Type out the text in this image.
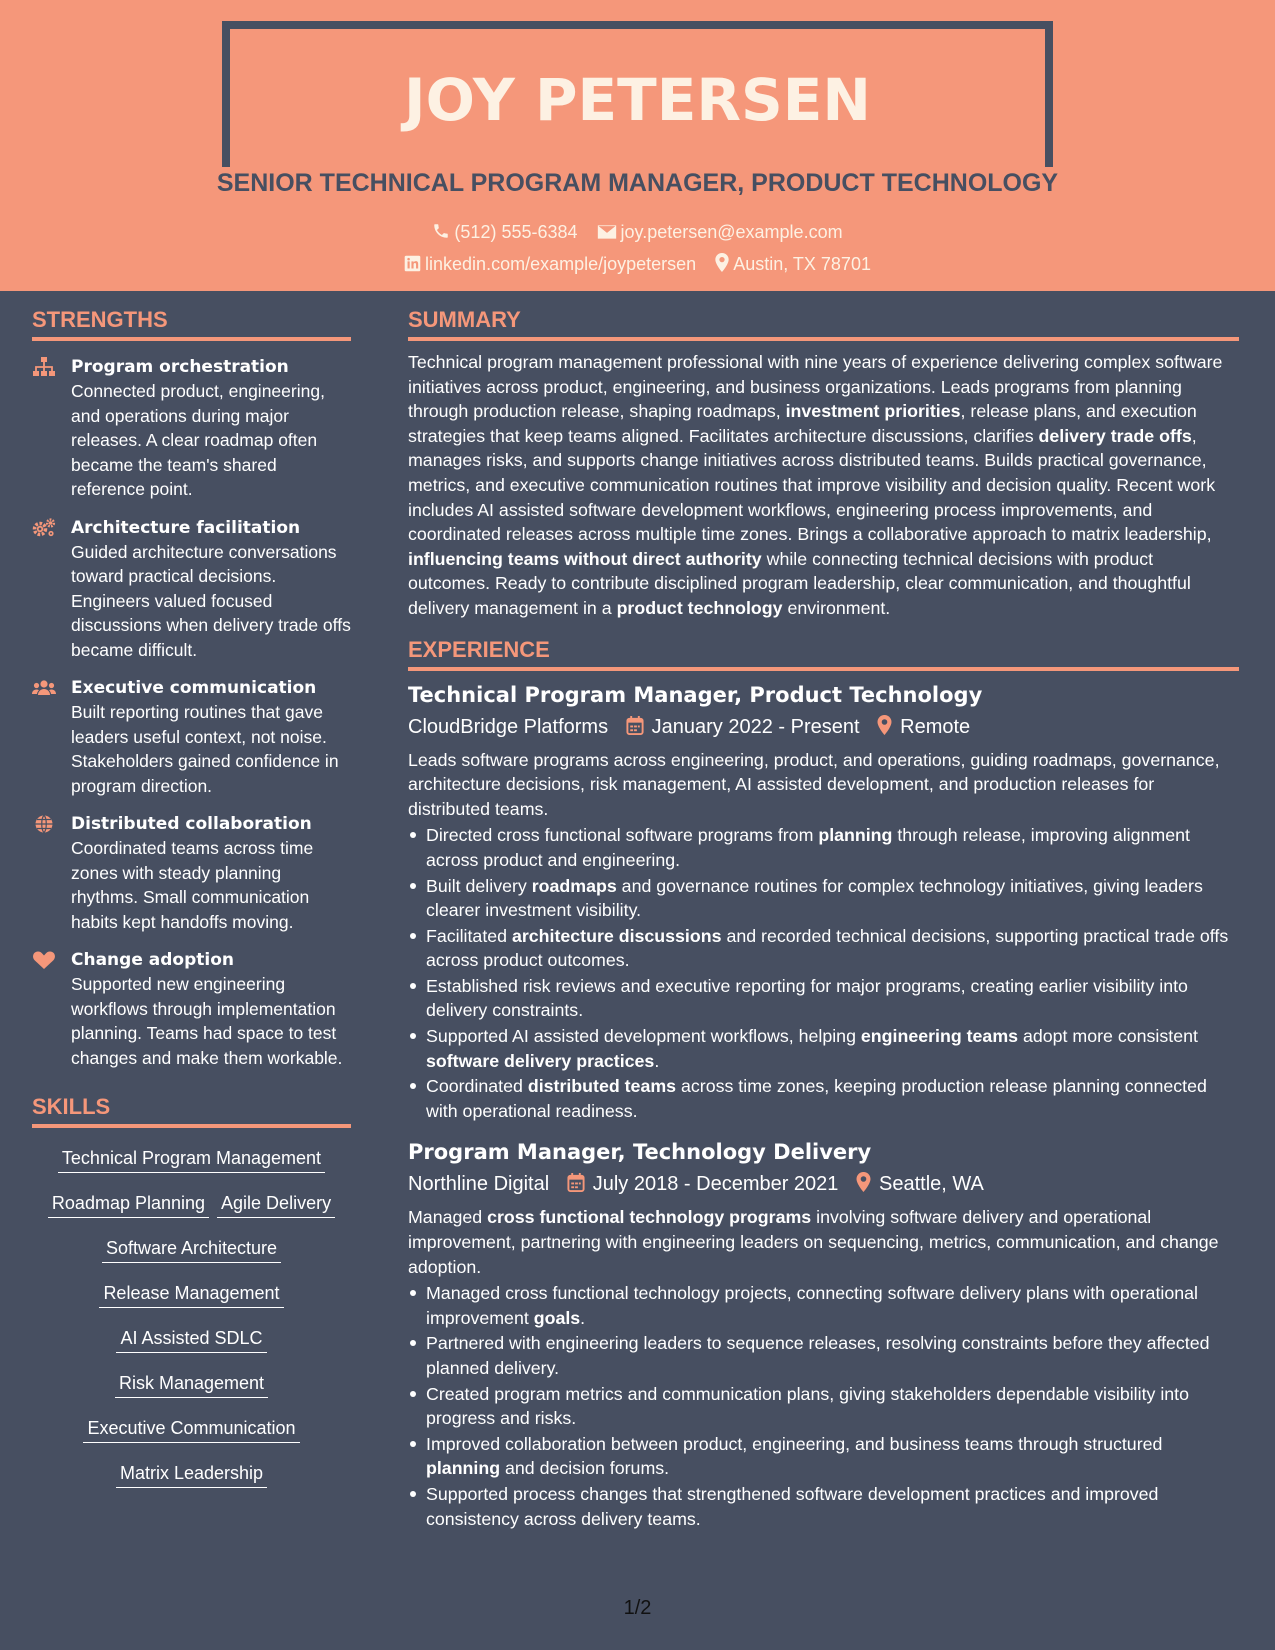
JOY PETERSEN
SENIOR TECHNICAL PROGRAM MANAGER, PRODUCT TECHNOLOGY
(512) 555-6384 joy.petersen@example.com
linkedin.com/example/joypetersen Austin, TX 78701
STRENGTHS
Program orchestration
Connected product, engineering, and operations during major releases. A clear roadmap often became the team's shared reference point.
Architecture facilitation
Guided architecture conversations toward practical decisions. Engineers valued focused discussions when delivery trade offs became difficult.
Executive communication
Built reporting routines that gave leaders useful context, not noise. Stakeholders gained confidence in program direction.
Distributed collaboration
Coordinated teams across time zones with steady planning rhythms. Small communication habits kept handoffs moving.
Change adoption
Supported new engineering workflows through implementation planning. Teams had space to test changes and make them workable.
SKILLS
Technical Program Management
Roadmap Planning Agile Delivery
Software Architecture
Release Management
AI Assisted SDLC
Risk Management
Executive Communication
Matrix Leadership
SUMMARY
Technical program management professional with nine years of experience delivering complex software initiatives across product, engineering, and business organizations. Leads programs from planning through production release, shaping roadmaps, investment priorities, release plans, and execution strategies that keep teams aligned. Facilitates architecture discussions, clarifies delivery trade offs, manages risks, and supports change initiatives across distributed teams. Builds practical governance, metrics, and executive communication routines that improve visibility and decision quality. Recent work includes AI assisted software development workflows, engineering process improvements, and coordinated releases across multiple time zones. Brings a collaborative approach to matrix leadership, influencing teams without direct authority while connecting technical decisions with product outcomes. Ready to contribute disciplined program leadership, clear communication, and thoughtful delivery management in a product technology environment.
EXPERIENCE
Technical Program Manager, Product Technology
CloudBridge Platforms January 2022 - Present Remote
Leads software programs across engineering, product, and operations, guiding roadmaps, governance, architecture decisions, risk management, AI assisted development, and production releases for distributed teams.
Directed cross functional software programs from planning through release, improving alignment across product and engineering.
Built delivery roadmaps and governance routines for complex technology initiatives, giving leaders clearer investment visibility.
Facilitated architecture discussions and recorded technical decisions, supporting practical trade offs across product outcomes.
Established risk reviews and executive reporting for major programs, creating earlier visibility into delivery constraints.
Supported AI assisted development workflows, helping engineering teams adopt more consistent software delivery practices.
Coordinated distributed teams across time zones, keeping production release planning connected with operational readiness.
Program Manager, Technology Delivery
Northline Digital July 2018 - December 2021 Seattle, WA
Managed cross functional technology programs involving software delivery and operational improvement, partnering with engineering leaders on sequencing, metrics, communication, and change adoption.
Managed cross functional technology projects, connecting software delivery plans with operational improvement goals.
Partnered with engineering leaders to sequence releases, resolving constraints before they affected planned delivery.
Created program metrics and communication plans, giving stakeholders dependable visibility into progress and risks.
Improved collaboration between product, engineering, and business teams through structured planning and decision forums.
Supported process changes that strengthened software development practices and improved consistency across delivery teams.
1/2
